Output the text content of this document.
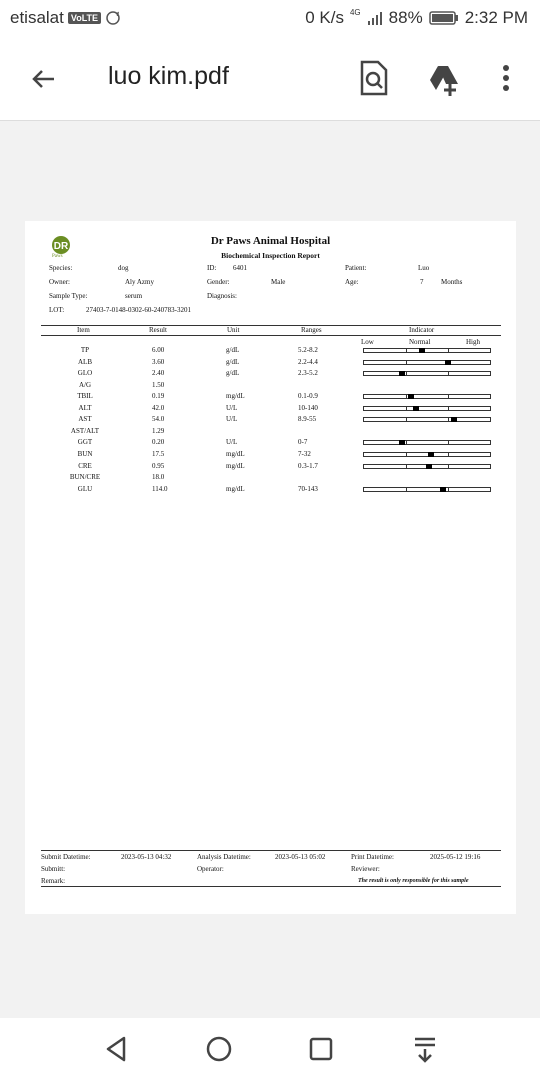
etisalat VoLTE	0 K/s 4G 88% 2:32 PM
luo kim.pdf
DR
Paws
Dr Paws Animal Hospital
Biochemical Inspection Report
Species:	dog	ID: 6401	Patient:	Luo
Owner:	Aly Azmy	Gender:	Male	Age:	7	Months
Sample Type:	serum	Diagnosis:
LOT:	27403-7-0148-0302-60-240783-3201
Item	Result	Unit	Ranges	Indicator
Low	Normal	High
TP	6.00	g/dL	5.2-8.2
ALB	3.60	g/dL	2.2-4.4
GLO	2.40	g/dL	2.3-5.2
A/G	1.50
TBIL	0.19	mg/dL	0.1-0.9
ALT	42.0	U/L	10-140
AST	54.0	U/L	8.9-55
AST/ALT	1.29
GGT	0.20	U/L	0-7
BUN	17.5	mg/dL	7-32
CRE	0.95	mg/dL	0.3-1.7
BUN/CRE	18.0
GLU	114.0	mg/dL	70-143
Submit Datetime:	2023-05-13 04:32	Analysis Datetime:	2023-05-13 05:02	Print Datetime:	2025-05-12 19:16
Submitt:	Operator:	Reviewer:
Remark:	The result is only responsible for this sample
